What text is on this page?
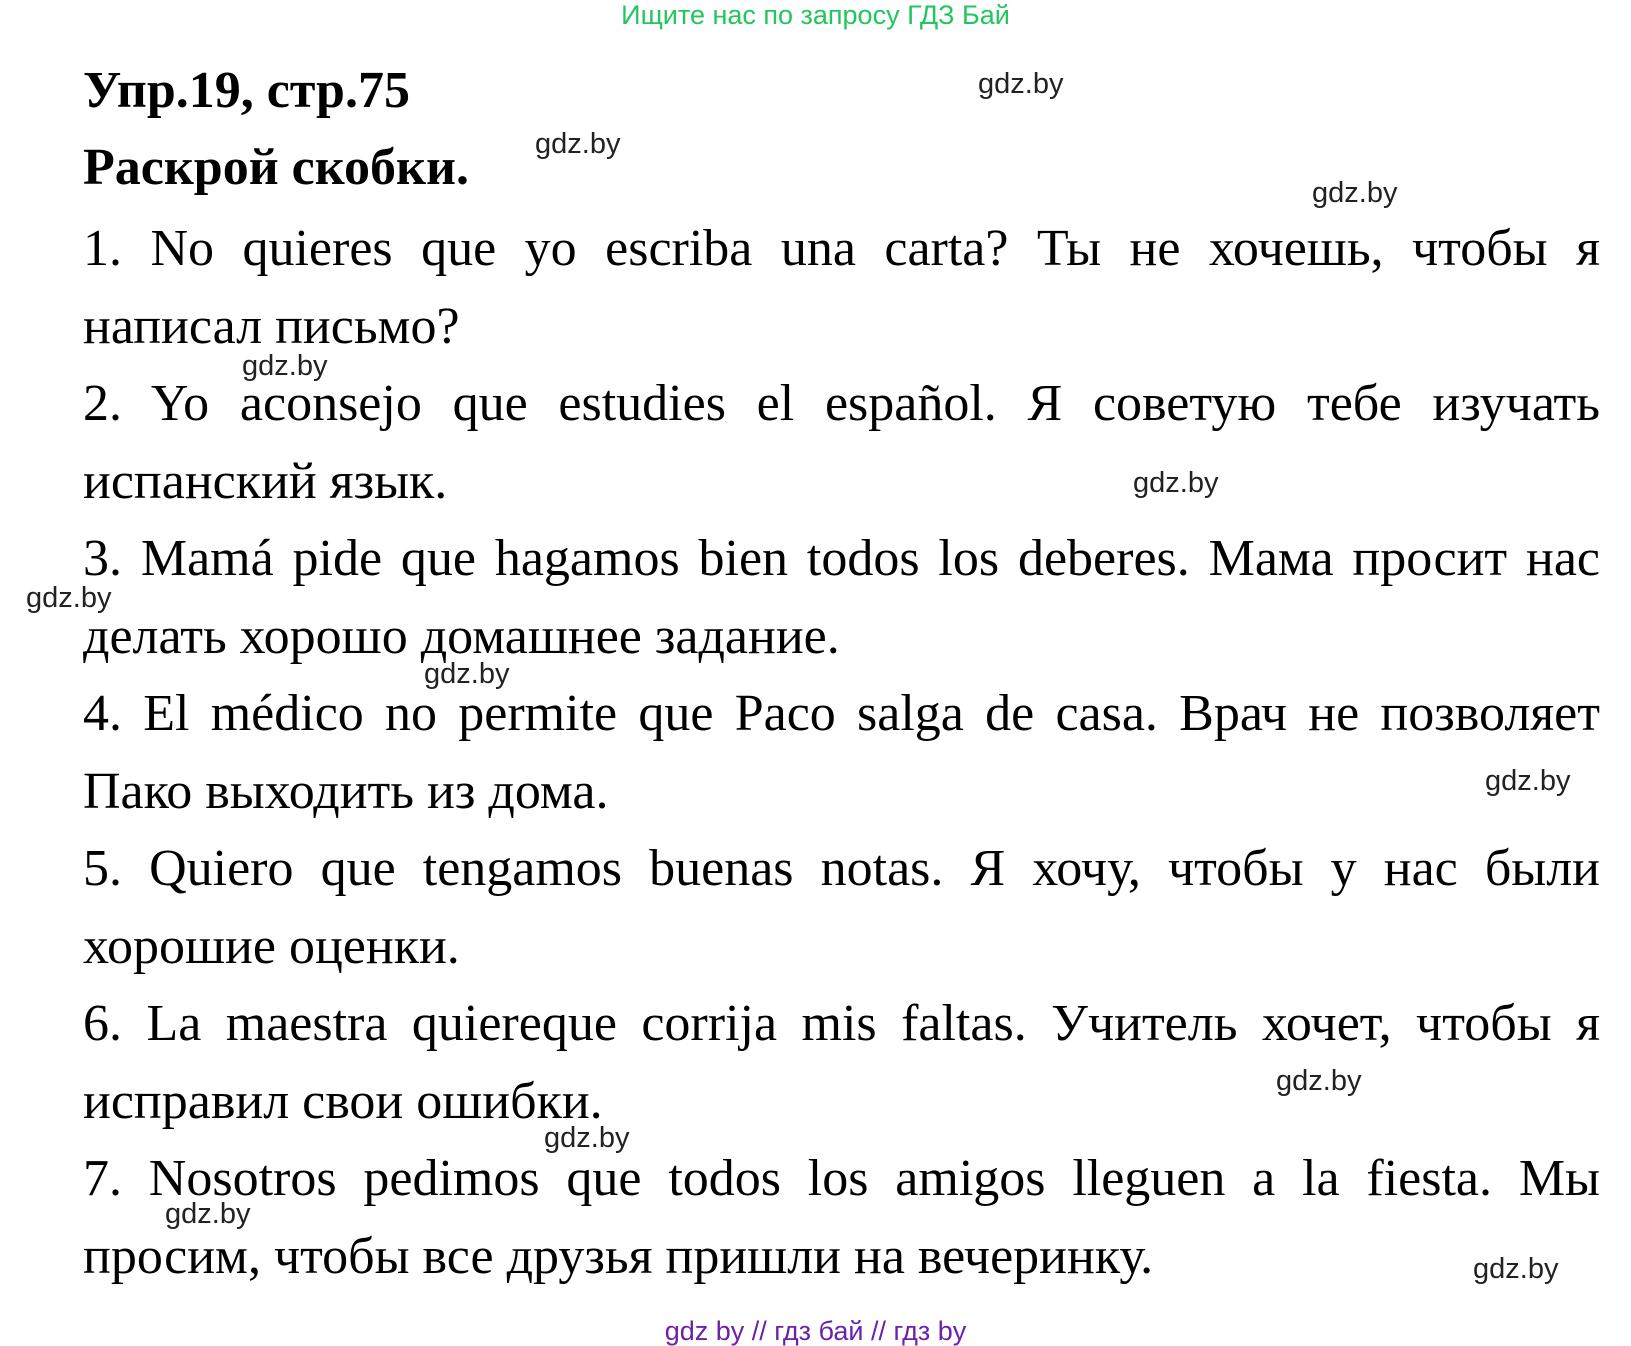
Ищите нас по запросу ГДЗ Бай
Упр.19, стр.75
Раскрой скобки.

1. No quieres que yo escriba una carta? Ты не хочешь, чтобы я написал письмо?

2. Yo aconsejo que estudies el español. Я советую тебе изучать испанский язык.

3. Mamá pide que hagamos bien todos los deberes. Мама просит нас делать хорошо домашнее задание.

4. El médico no permite que Paco salga de casa. Врач не позволяет Пако выходить из дома.

5. Quiero que tengamos buenas notas. Я хочу, чтобы у нас были хорошие оценки.

6. La maestra quiereque corrija mis faltas. Учитель хочет, чтобы я исправил свои ошибки.

7. Nosotros pedimos que todos los amigos lleguen a la fiesta. Мы просим, чтобы все друзья пришли на вечеринку.

gdz.by
gdz.by
gdz.by
gdz.by
gdz.by
gdz.by
gdz.by
gdz.by
gdz.by
gdz.by
gdz.by
gdz.by
gdz by // гдз бай // гдз by
